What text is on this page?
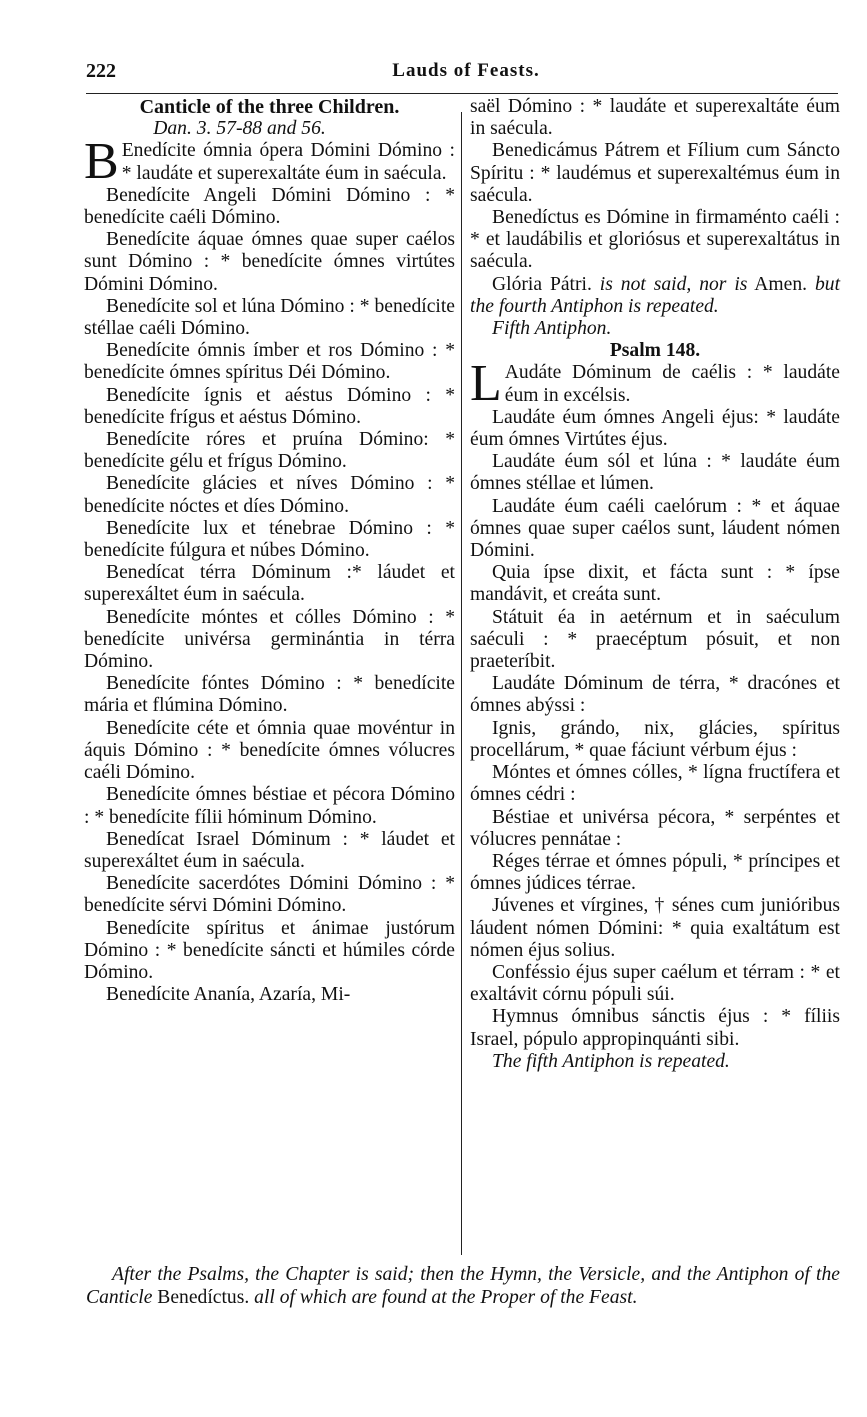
222	Lauds of Feasts.

Canticle of the three Children.

Dan. 3. 57-88 and 56.

B Enedícite ómnia ópera Dómini Dómino : * laudáte et superexaltáte éum in saécula.

Benedícite Angeli Dómini Dómino : * benedícite caéli Dómino.

Benedícite áquae ómnes quae super caélos sunt Dómino : * benedícite ómnes virtútes Dómini Dómino.

Benedícite sol et lúna Dómino : * benedícite stéllae caéli Dómino.

Benedícite ómnis ímber et ros Dómino : * benedícite ómnes spíritus Déi Dómino.

Benedícite ígnis et aéstus Dómino : * benedícite frígus et aéstus Dómino.

Benedícite róres et pruína Dómino: * benedícite gélu et frígus Dómino.

Benedícite glácies et níves Dómino : * benedícite nóctes et díes Dómino.

Benedícite lux et ténebrae Dómino : * benedícite fúlgura et núbes Dómino.

Benedícat térra Dóminum :* láudet et superexáltet éum in saécula.

Benedícite móntes et cólles Dómino : * benedícite univérsa germinántia in térra Dómino.

Benedícite fóntes Dómino : * benedícite mária et flúmina Dómino.

Benedícite céte et ómnia quae movéntur in áquis Dómino : * benedícite ómnes vólucres caéli Dómino.

Benedícite ómnes béstiae et pécora Dómino : * benedícite fílii hóminum Dómino.

Benedícat Israel Dóminum : * láudet et superexáltet éum in saécula.

Benedícite sacerdótes Dómini Dómino : * benedícite sérvi Dómini Dómino.

Benedícite spíritus et ánimae justórum Dómino : * benedícite sáncti et húmiles córde Dómino.

Benedícite Ananía, Azaría, Mi-

saël Dómino : * laudáte et superexaltáte éum in saécula.

Benedicámus Pátrem et Fílium cum Sáncto Spíritu : * laudémus et superexaltémus éum in saécula.

Benedíctus es Dómine in firmaménto caéli : * et laudábilis et gloriósus et superexaltátus in saécula.

Glória Pátri. is not said, nor is Amen. but the fourth Antiphon is repeated.

Fifth Antiphon.

Psalm 148.

L Audáte Dóminum de caélis : * laudáte éum in excélsis.

Laudáte éum ómnes Angeli éjus: * laudáte éum ómnes Virtútes éjus.

Laudáte éum sól et lúna : * laudáte éum ómnes stéllae et lúmen.

Laudáte éum caéli caelórum : * et áquae ómnes quae super caélos sunt, láudent nómen Dómini.

Quia ípse dixit, et fácta sunt : * ípse mandávit, et creáta sunt.

Státuit éa in aetérnum et in saéculum saéculi : * praecéptum pósuit, et non praeteríbit.

Laudáte Dóminum de térra, * dracónes et ómnes abýssi :

Ignis, grándo, nix, glácies, spíritus procellárum, * quae fáciunt vérbum éjus :

Móntes et ómnes cólles, * lígna fructífera et ómnes cédri :

Béstiae et univérsa pécora, * serpéntes et vólucres pennátae :

Réges térrae et ómnes pópuli, * príncipes et ómnes júdices térrae.

Júvenes et vírgines, † sénes cum junióribus láudent nómen Dómini: * quia exaltátum est nómen éjus solius.

Conféssio éjus super caélum et térram : * et exaltávit córnu pópuli súi.

Hymnus ómnibus sánctis éjus : * fíliis Israel, pópulo appropinquánti sibi.

The fifth Antiphon is repeated.

After the Psalms, the Chapter is said; then the Hymn, the Versicle, and the Antiphon of the Canticle Benedíctus. all of which are found at the Proper of the Feast.
